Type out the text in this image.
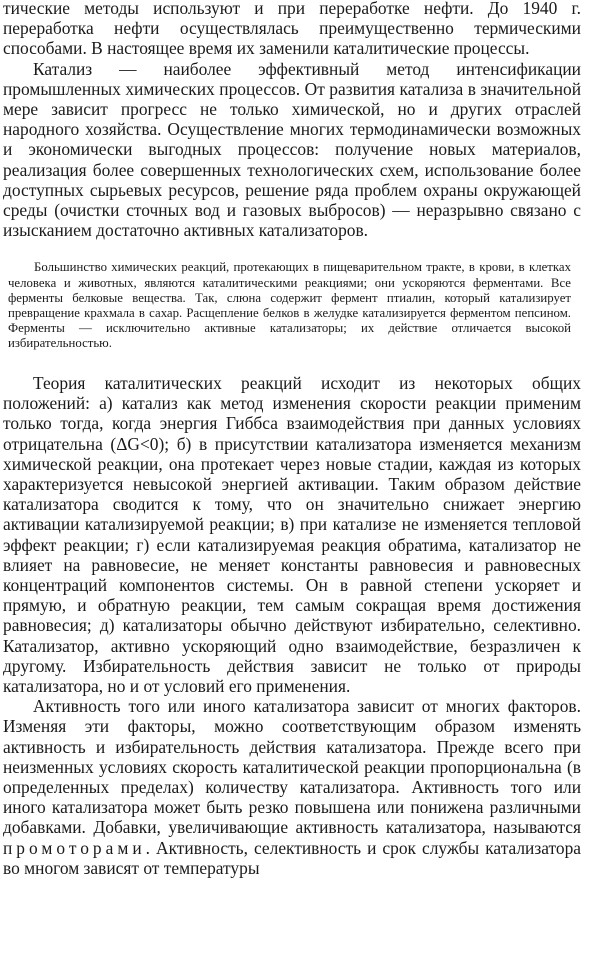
тические методы используют и при переработке нефти. До 1940 г. переработка нефти осуществлялась преимущественно термическими способами. В настоящее время их заменили каталитические процессы.

Катализ — наиболее эффективный метод интенсификации промышленных химических процессов. От развития катализа в значительной мере зависит прогресс не только химической, но и других отраслей народного хозяйства. Осуществление многих термодинамически возможных и экономически выгодных процессов: получение новых материалов, реализация более совершенных технологических схем, использование более доступных сырьевых ресурсов, решение ряда проблем охраны окружающей среды (очистки сточных вод и газовых выбросов) — неразрывно связано с изысканием достаточно активных катализаторов.

Большинство химических реакций, протекающих в пищеварительном тракте, в крови, в клетках человека и животных, являются каталитическими реакциями; они ускоряются ферментами. Все ферменты белковые вещества. Так, слюна содержит фермент птиалин, который катализирует превращение крахмала в сахар. Расщепление белков в желудке катализируется ферментом пепсином. Ферменты — исключительно активные катализаторы; их действие отличается высокой избирательностью.

Теория каталитических реакций исходит из некоторых общих положений: а) катализ как метод изменения скорости реакции применим только тогда, когда энергия Гиббса взаимодействия при данных условиях отрицательна (ΔG<0); б) в присутствии катализатора изменяется механизм химической реакции, она протекает через новые стадии, каждая из которых характеризуется невысокой энергией активации. Таким образом действие катализатора сводится к тому, что он значительно снижает энергию активации катализируемой реакции; в) при катализе не изменяется тепловой эффект реакции; г) если катализируемая реакция обратима, катализатор не влияет на равновесие, не меняет константы равновесия и равновесных концентраций компонентов системы. Он в равной степени ускоряет и прямую, и обратную реакции, тем самым сокращая время достижения равновесия; д) катализаторы обычно действуют избирательно, селективно. Катализатор, активно ускоряющий одно взаимодействие, безразличен к другому. Избирательность действия зависит не только от природы катализатора, но и от условий его применения.

Активность того или иного катализатора зависит от многих факторов. Изменяя эти факторы, можно соответствующим образом изменять активность и избирательность действия катализатора. Прежде всего при неизменных условиях скорость каталитической реакции пропорциональна (в определенных пределах) количеству катализатора. Активность того или иного катализатора может быть резко повышена или понижена различными добавками. Добавки, увеличивающие активность катализатора, называются промоторами. Активность, селективность и срок службы катализатора во многом зависят от температуры
